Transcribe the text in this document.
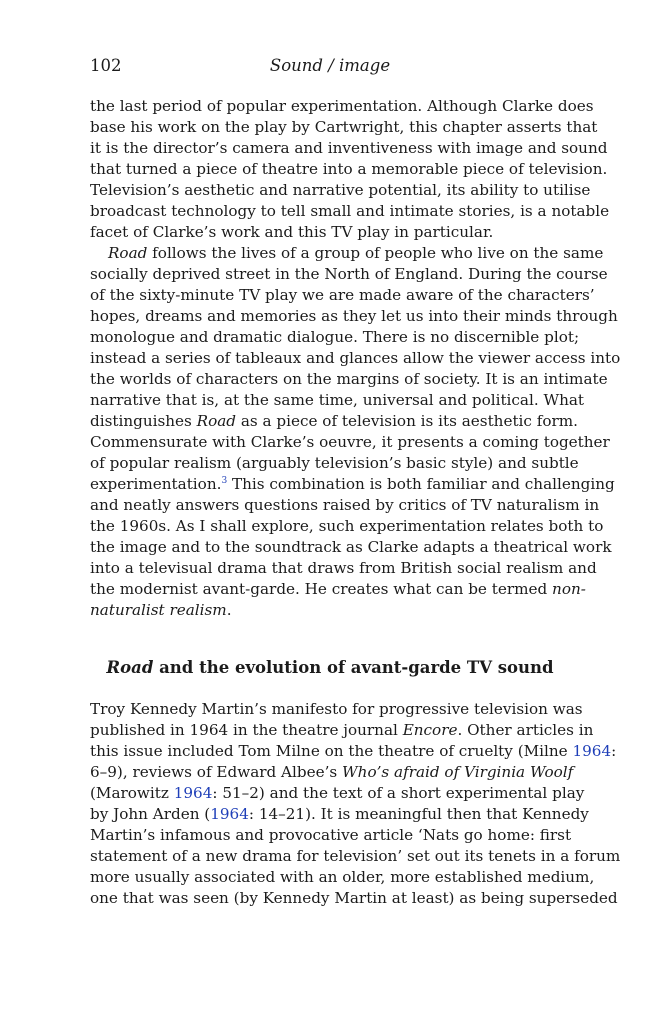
102	Sound / image
the last period of popular experimentation. Although Clarke does
base his work on the play by Cartwright, this chapter asserts that
it is the director’s camera and inventiveness with image and sound
that turned a piece of theatre into a memorable piece of television.
Television’s aesthetic and narrative potential, its ability to utilise
broadcast technology to tell small and intimate stories, is a notable
facet of Clarke’s work and this TV play in particular.
Road follows the lives of a group of people who live on the same
socially deprived street in the North of England. During the course
of the sixty-minute TV play we are made aware of the characters’
hopes, dreams and memories as they let us into their minds through
monologue and dramatic dialogue. There is no discernible plot;
instead a series of tableaux and glances allow the viewer access into
the worlds of characters on the margins of society. It is an intimate
narrative that is, at the same time, universal and political. What
distinguishes Road as a piece of television is its aesthetic form.
Commensurate with Clarke’s oeuvre, it presents a coming together
of popular realism (arguably television’s basic style) and subtle
experimentation.$^3$ This combination is both familiar and challenging
and neatly answers questions raised by critics of TV naturalism in
the 1960s. As I shall explore, such experimentation relates both to
the image and to the soundtrack as Clarke adapts a theatrical work
into a televisual drama that draws from British social realism and
the modernist avant-garde. He creates what can be termed non-
naturalist realism.
Road and the evolution of avant-garde TV sound
Troy Kennedy Martin’s manifesto for progressive television was
published in 1964 in the theatre journal Encore. Other articles in
this issue included Tom Milne on the theatre of cruelty (Milne 1964:
6–9), reviews of Edward Albee’s Who’s afraid of Virginia Woolf
(Marowitz 1964: 51–2) and the text of a short experimental play
by John Arden (1964: 14–21). It is meaningful then that Kennedy
Martin’s infamous and provocative article ‘Nats go home: first
statement of a new drama for television’ set out its tenets in a forum
more usually associated with an older, more established medium,
one that was seen (by Kennedy Martin at least) as being superseded
